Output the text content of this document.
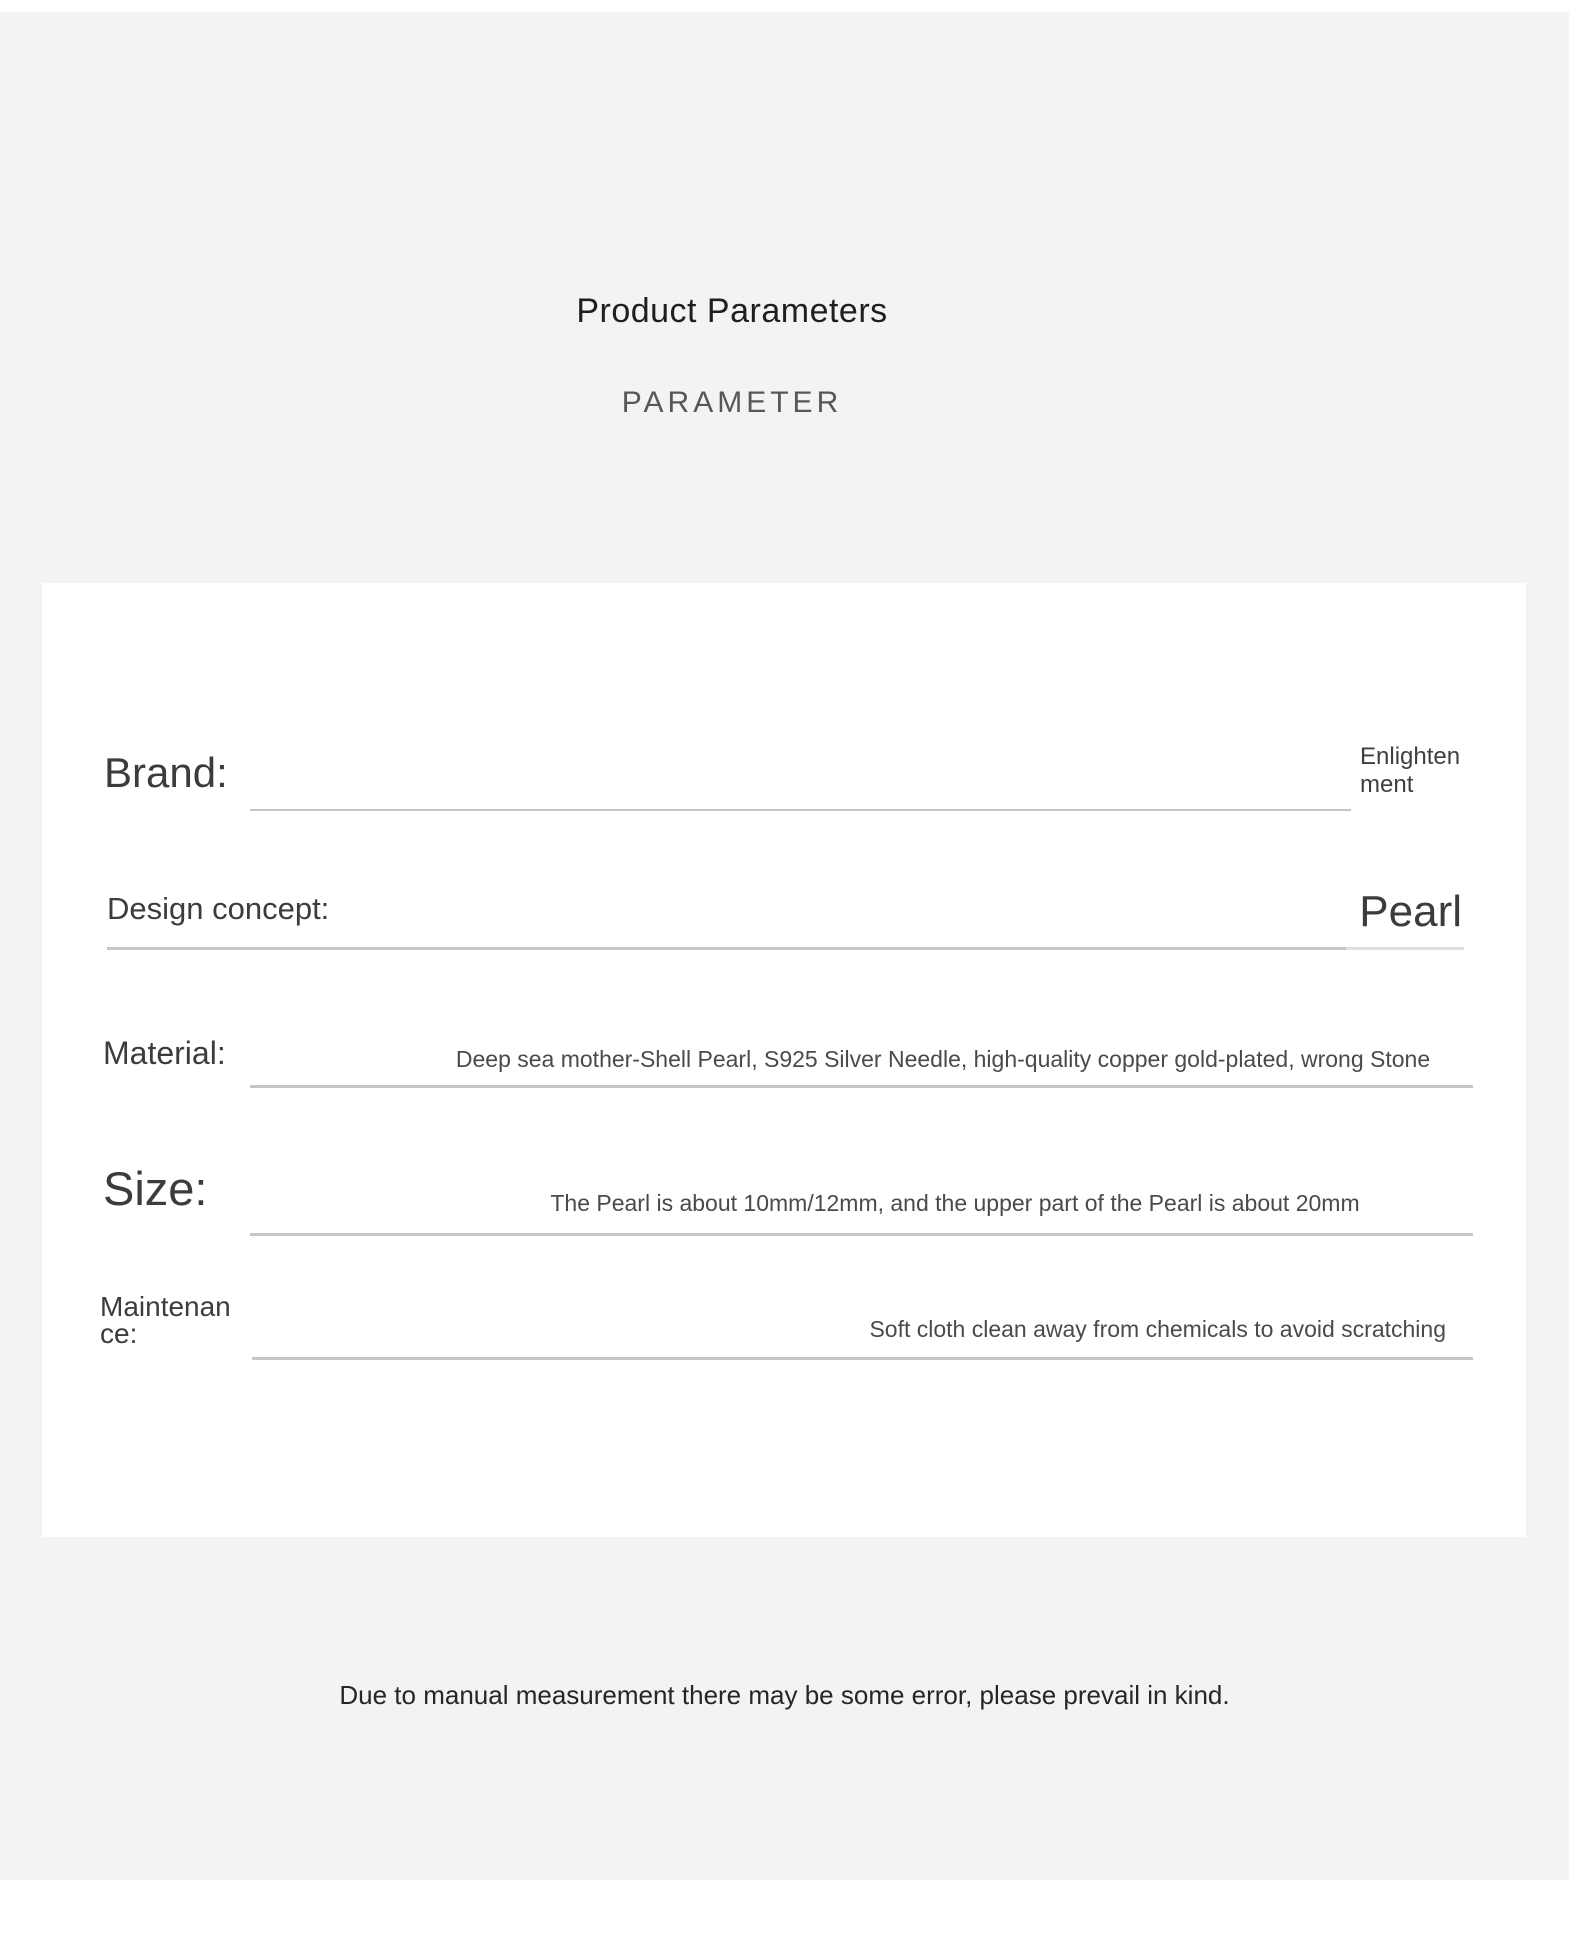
Product Parameters
PARAMETER
Brand:	Enlightenment
Design concept:	Pearl
Material:	Deep sea mother-Shell Pearl, S925 Silver Needle, high-quality copper gold-plated, wrong Stone
Size:	The Pearl is about 10mm/12mm, and the upper part of the Pearl is about 20mm
Maintenance:	Soft cloth clean away from chemicals to avoid scratching
Due to manual measurement there may be some error, please prevail in kind.
